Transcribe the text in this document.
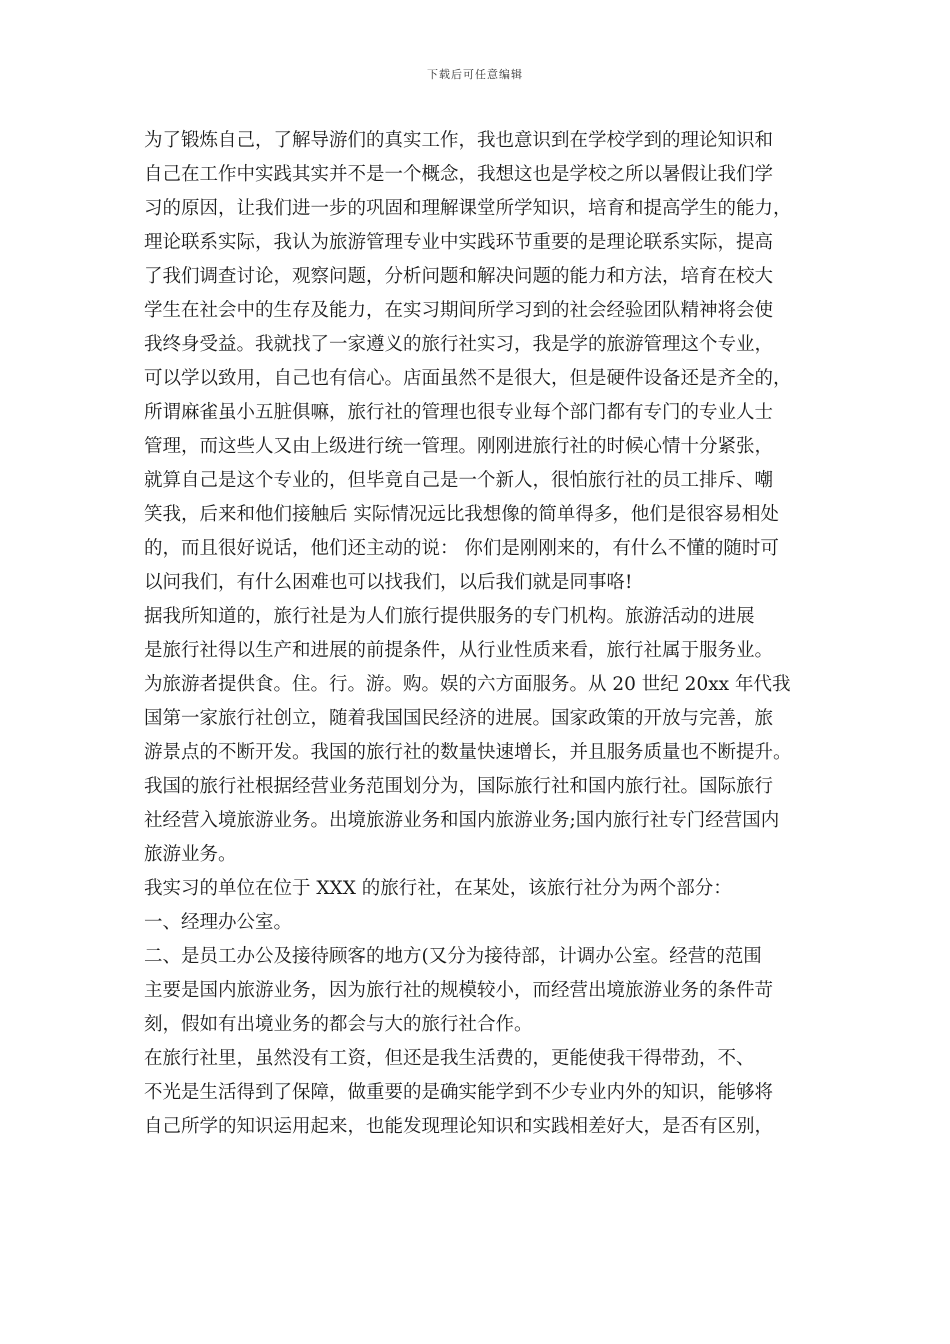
下载后可任意编辑
为了锻炼自己，了解导游们的真实工作，我也意识到在学校学到的理论知识和
自己在工作中实践其实并不是一个概念，我想这也是学校之所以暑假让我们学
习的原因，让我们进一步的巩固和理解课堂所学知识，培育和提高学生的能力，
理论联系实际，我认为旅游管理专业中实践环节重要的是理论联系实际，提高
了我们调查讨论，观察问题，分析问题和解决问题的能力和方法，培育在校大
学生在社会中的生存及能力，在实习期间所学习到的社会经验团队精神将会使
我终身受益。我就找了一家遵义的旅行社实习，我是学的旅游管理这个专业，
可以学以致用，自己也有信心。店面虽然不是很大，但是硬件设备还是齐全的，
所谓麻雀虽小五脏俱嘛，旅行社的管理也很专业每个部门都有专门的专业人士
管理，而这些人又由上级进行统一管理。刚刚进旅行社的时候心情十分紧张，
就算自己是这个专业的，但毕竟自己是一个新人，很怕旅行社的员工排斥、嘲
笑我，后来和他们接触后 实际情况远比我想像的简单得多，他们是很容易相处
的，而且很好说话，他们还主动的说： 你们是刚刚来的，有什么不懂的随时可
以问我们，有什么困难也可以找我们，以后我们就是同事咯!
据我所知道的，旅行社是为人们旅行提供服务的专门机构。旅游活动的进展
是旅行社得以生产和进展的前提条件，从行业性质来看，旅行社属于服务业。
为旅游者提供食。住。行。游。购。娱的六方面服务。从 20 世纪 20xx 年代我
国第一家旅行社创立，随着我国国民经济的进展。国家政策的开放与完善，旅
游景点的不断开发。我国的旅行社的数量快速增长，并且服务质量也不断提升。
我国的旅行社根据经营业务范围划分为，国际旅行社和国内旅行社。国际旅行
社经营入境旅游业务。出境旅游业务和国内旅游业务;国内旅行社专门经营国内
旅游业务。
我实习的单位在位于 XXX 的旅行社，在某处，该旅行社分为两个部分：
一、经理办公室。
二、是员工办公及接待顾客的地方(又分为接待部，计调办公室。经营的范围
主要是国内旅游业务，因为旅行社的规模较小，而经营出境旅游业务的条件苛
刻，假如有出境业务的都会与大的旅行社合作。
在旅行社里，虽然没有工资，但还是我生活费的，更能使我干得带劲，不、
不光是生活得到了保障，做重要的是确实能学到不少专业内外的知识，能够将
自己所学的知识运用起来，也能发现理论知识和实践相差好大，是否有区别，
